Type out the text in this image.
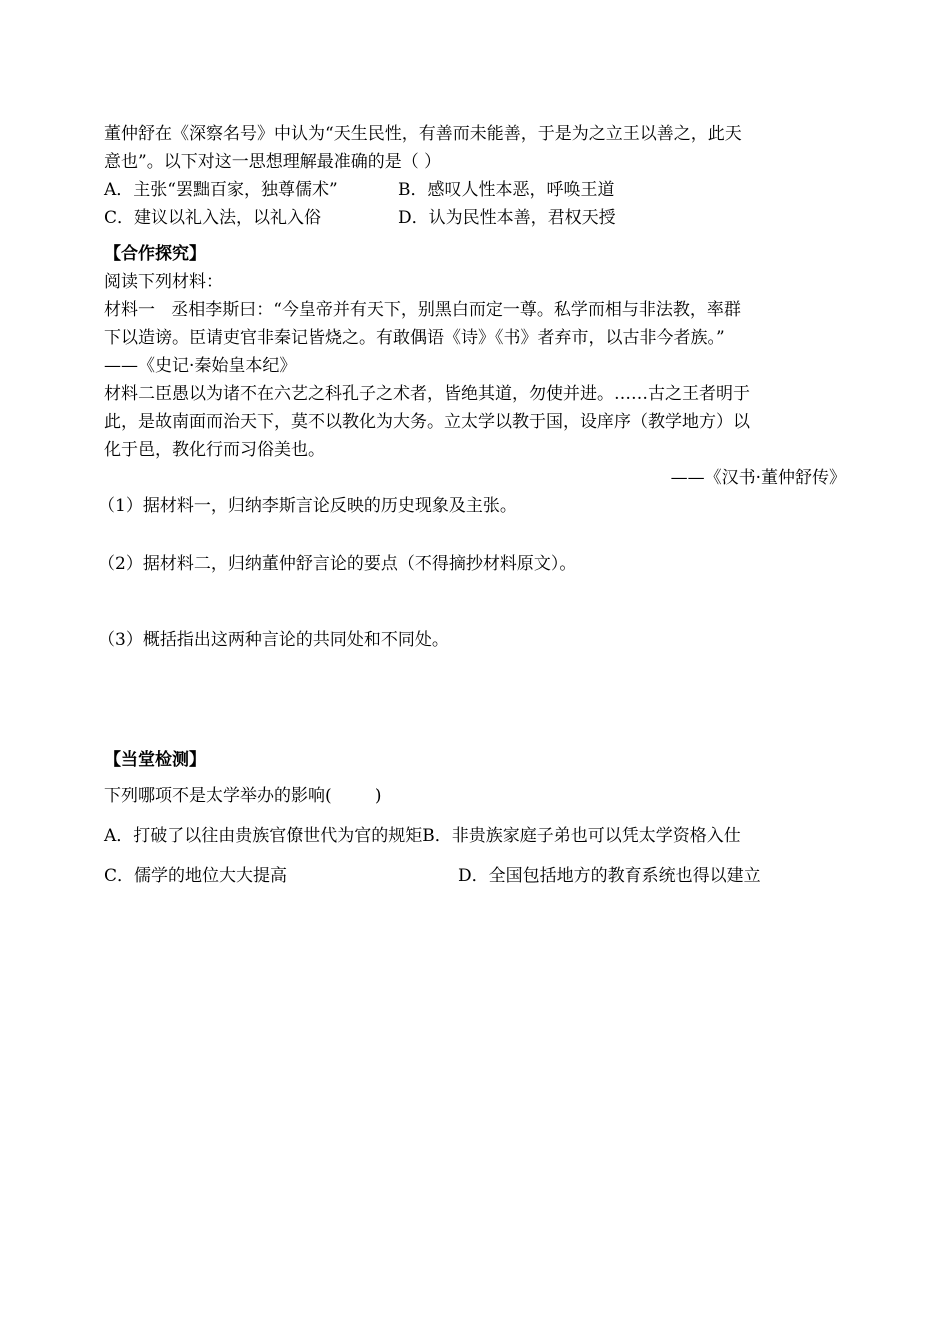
董仲舒在《深察名号》中认为“天生民性，有善而未能善，于是为之立王以善之，此天
意也”。以下对这一思想理解最准确的是（ ）
A．主张“罢黜百家，独尊儒术”	B．感叹人性本恶，呼唤王道
C．建议以礼入法，以礼入俗	D．认为民性本善，君权天授
【合作探究】
阅读下列材料：
材料一   丞相李斯曰：“今皇帝并有天下，别黑白而定一尊。私学而相与非法教，率群
下以造谤。臣请吏官非秦记皆烧之。有敢偶语《诗》《书》者弃市，以古非今者族。”
——《史记·秦始皇本纪》
材料二臣愚以为诸不在六艺之科孔子之术者，皆绝其道，勿使并进。……古之王者明于
此，是故南面而治天下，莫不以教化为大务。立太学以教于国，设庠序（教学地方）以
化于邑，教化行而习俗美也。
——《汉书·董仲舒传》
（1）据材料一，归纳李斯言论反映的历史现象及主张。
（2）据材料二，归纳董仲舒言论的要点（不得摘抄材料原文）。
（3）概括指出这两种言论的共同处和不同处。
【当堂检测】
下列哪项不是太学举办的影响(        )
A．打破了以往由贵族官僚世代为官的规矩 B．非贵族家庭子弟也可以凭太学资格入仕
C．儒学的地位大大提高	D．全国包括地方的教育系统也得以建立
